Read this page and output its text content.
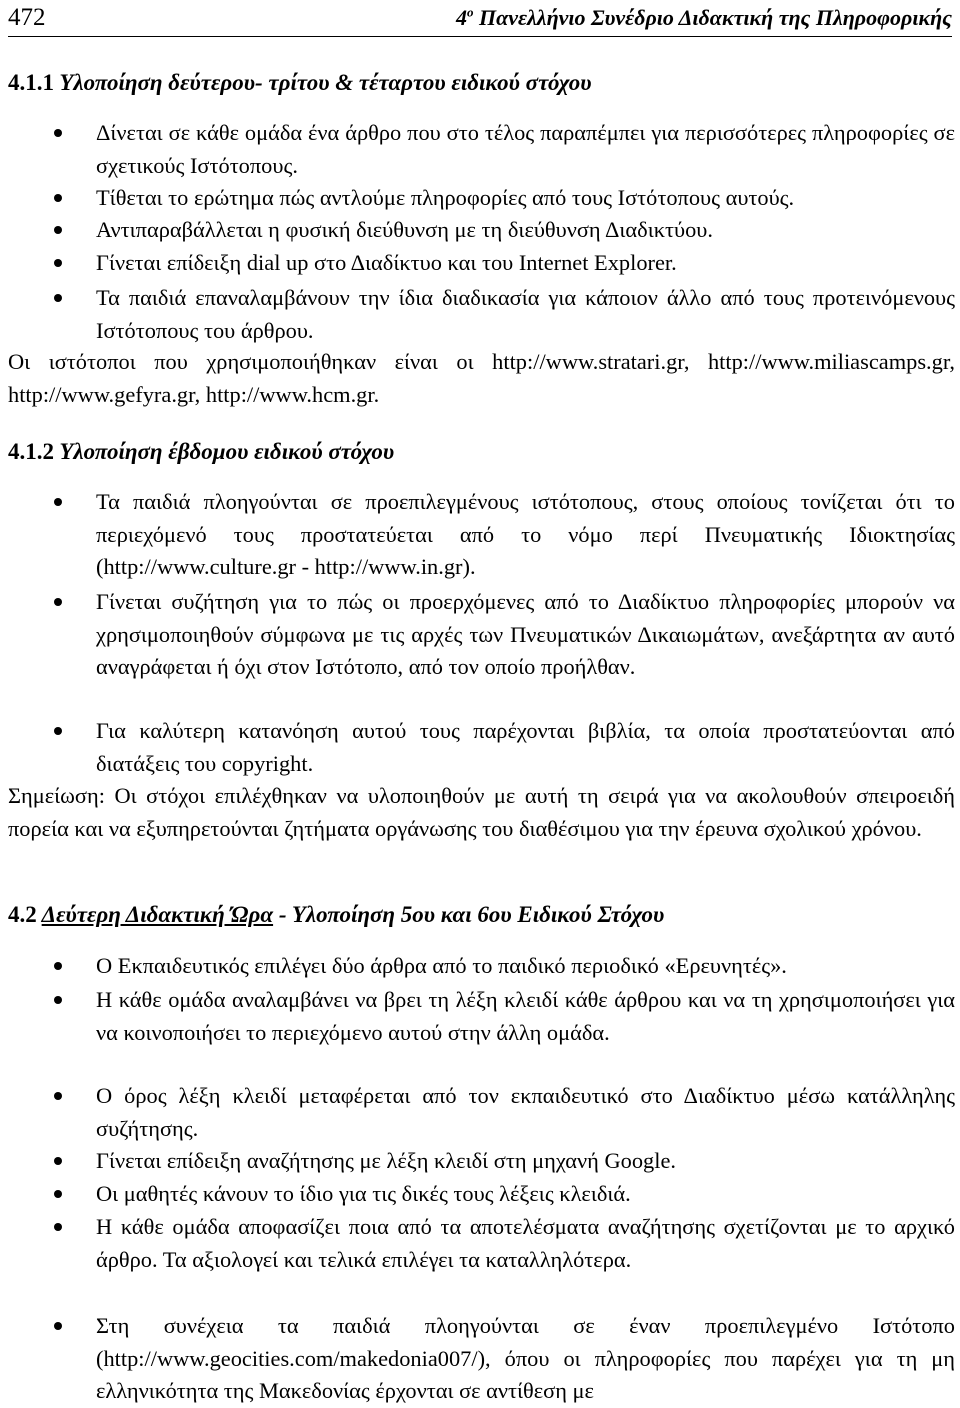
472	$4^o$ Πανελλήνιο Συνέδριο Διδακτική της Πληροφορικής
4.1.1 Υλοποίηση δεύτερου- τρίτου & τέταρτου ειδικού στόχου
Δίνεται σε κάθε ομάδα ένα άρθρο που στο τέλος παραπέμπει για περισσότερες πληροφορίες σε σχετικούς Ιστότοπους.
Τίθεται το ερώτημα πώς αντλούμε πληροφορίες από τους Ιστότοπους αυτούς.
Αντιπαραβάλλεται η φυσική διεύθυνση με τη διεύθυνση Διαδικτύου.
Γίνεται επίδειξη dial up στο Διαδίκτυο και του Internet Explorer.
Τα παιδιά επαναλαμβάνουν την ίδια διαδικασία για κάποιον άλλο από τους προτεινόμενους Ιστότοπους του άρθρου.
Οι ιστότοποι που χρησιμοποιήθηκαν είναι οι http://www.stratari.gr, http://www.miliascamps.gr, http://www.gefyra.gr, http://www.hcm.gr.
4.1.2 Υλοποίηση έβδομου ειδικού στόχου
Τα παιδιά πλοηγούνται σε προεπιλεγμένους ιστότοπους, στους οποίους τονίζεται ότι το περιεχόμενό τους προστατεύεται από το νόμο περί Πνευματικής Ιδιοκτησίας (http://www.culture.gr - http://www.in.gr).
Γίνεται συζήτηση για το πώς οι προερχόμενες από το Διαδίκτυο πληροφορίες μπορούν να χρησιμοποιηθούν σύμφωνα με τις αρχές των Πνευματικών Δικαιωμάτων, ανεξάρτητα αν αυτό αναγράφεται ή όχι στον Ιστότοπο, από τον οποίο προήλθαν.
Για καλύτερη κατανόηση αυτού τους παρέχονται βιβλία, τα οποία προστατεύονται από διατάξεις του copyright.
Σημείωση: Οι στόχοι επιλέχθηκαν να υλοποιηθούν με αυτή τη σειρά για να ακολουθούν σπειροειδή πορεία και να εξυπηρετούνται ζητήματα οργάνωσης του διαθέσιμου για την έρευνα σχολικού χρόνου.
4.2 Δεύτερη Διδακτική Ώρα - Υλοποίηση 5ου και 6ου Ειδικού Στόχου
Ο Εκπαιδευτικός επιλέγει δύο άρθρα από το παιδικό περιοδικό «Ερευνητές».
Η κάθε ομάδα αναλαμβάνει να βρει τη λέξη κλειδί κάθε άρθρου και να τη χρησιμοποιήσει για να κοινοποιήσει το περιεχόμενο αυτού στην άλλη ομάδα.
Ο όρος λέξη κλειδί μεταφέρεται από τον εκπαιδευτικό στο Διαδίκτυο μέσω κατάλληλης συζήτησης.
Γίνεται επίδειξη αναζήτησης με λέξη κλειδί στη μηχανή Google.
Οι μαθητές κάνουν το ίδιο για τις δικές τους λέξεις κλειδιά.
Η κάθε ομάδα αποφασίζει ποια από τα αποτελέσματα αναζήτησης σχετίζονται με το αρχικό άρθρο. Τα αξιολογεί και τελικά επιλέγει τα καταλληλότερα.
Στη συνέχεια τα παιδιά πλοηγούνται σε έναν προεπιλεγμένο Ιστότοπο (http://www.geocities.com/makedonia007/), όπου οι πληροφορίες που παρέχει για τη μη ελληνικότητα της Μακεδονίας έρχονται σε αντίθεση με
